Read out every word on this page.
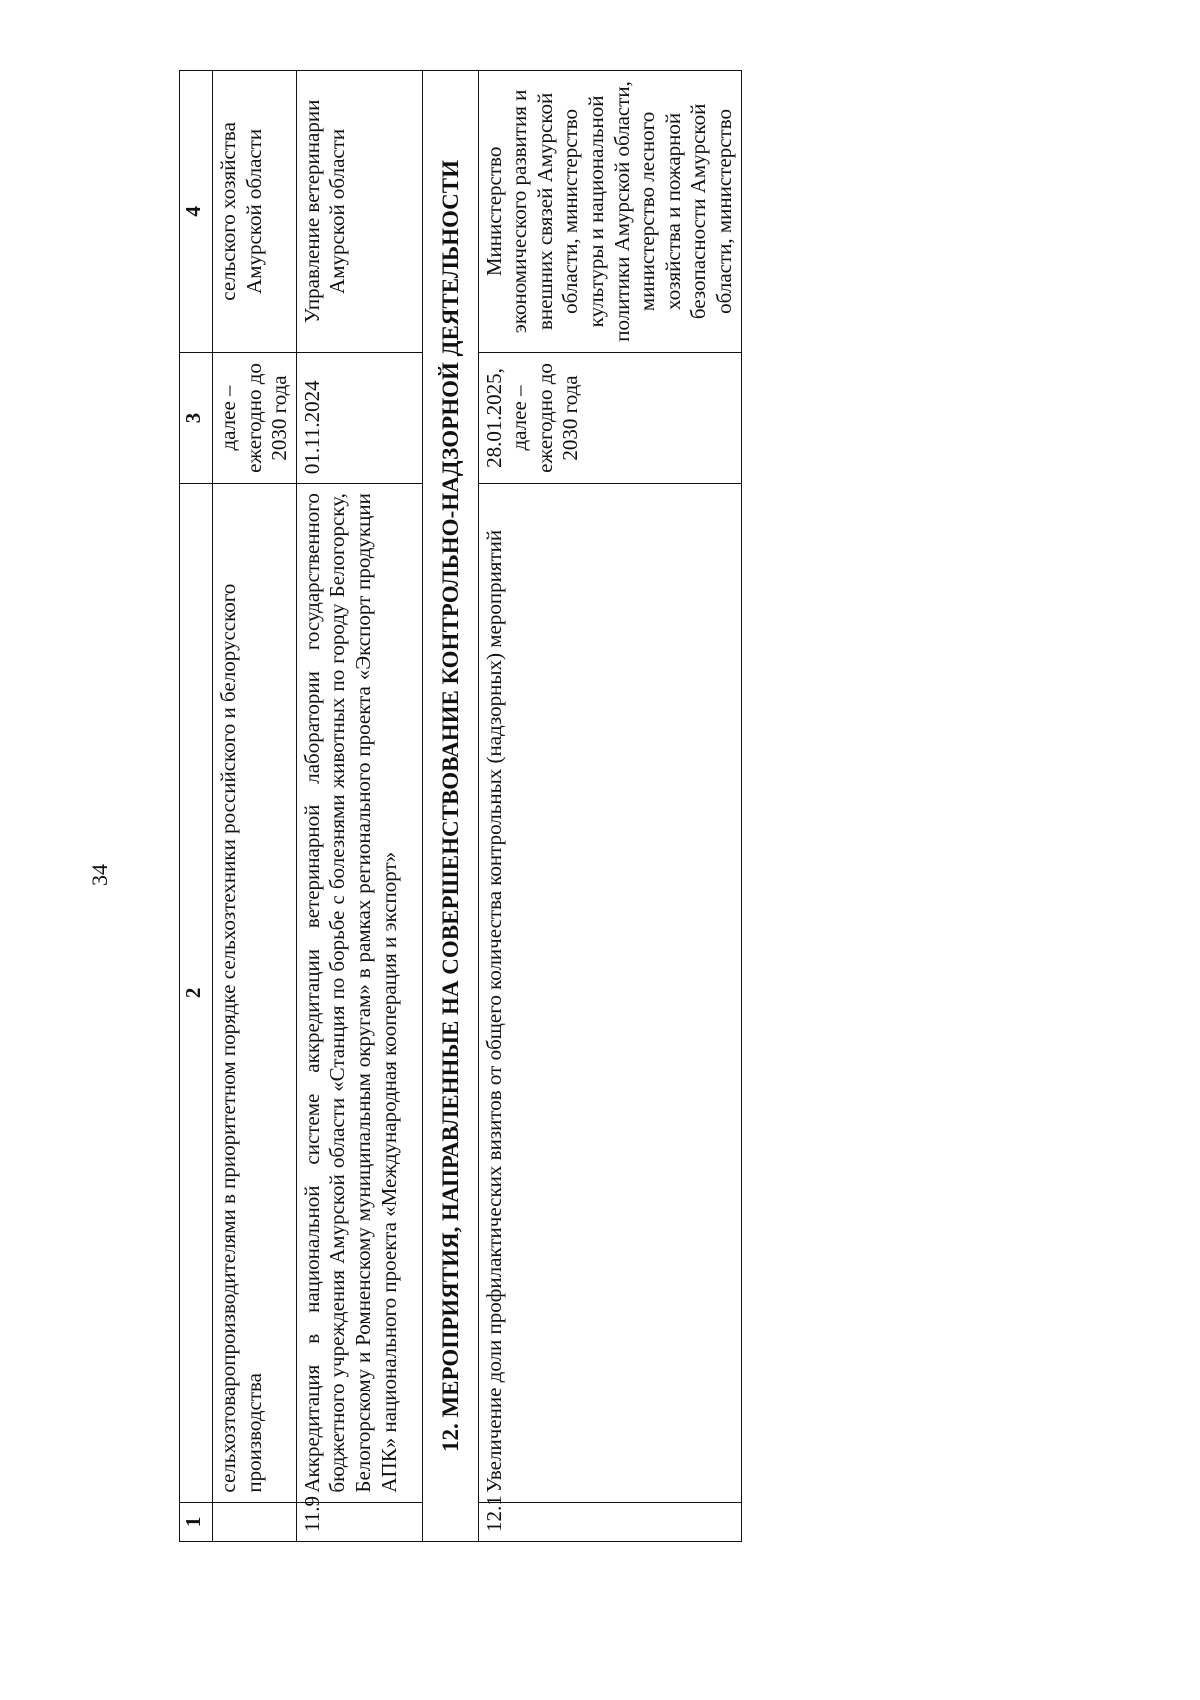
34
1	2	3	4
	сельхозтоваропроизводителями в приоритетном порядке сельхозтехники российского и белорусского производства	далее – ежегодно до 2030 года	сельского хозяйства Амурской области
11.9	Аккредитация в национальной системе аккредитации ветеринарной лаборатории государственного бюджетного учреждения Амурской области «Станция по борьбе с болезнями животных по городу Белогорску, Белогорскому и Ромненскому муниципальным округам» в рамках регионального проекта «Экспорт продукции АПК» национального проекта «Международная кооперация и экспорт»	01.11.2024	Управление ветеринарии Амурской области
12. МЕРОПРИЯТИЯ, НАПРАВЛЕННЫЕ НА СОВЕРШЕНСТВОВАНИЕ КОНТРОЛЬНО-НАДЗОРНОЙ ДЕЯТЕЛЬНОСТИ			
12.1	Увеличение доли профилактических визитов от общего количества контрольных (надзорных) мероприятий	28.01.2025, далее – ежегодно до 2030 года	Министерство экономического развития и внешних связей Амурской области, министерство культуры и национальной политики Амурской области, министерство лесного хозяйства и пожарной безопасности Амурской области, министерство
